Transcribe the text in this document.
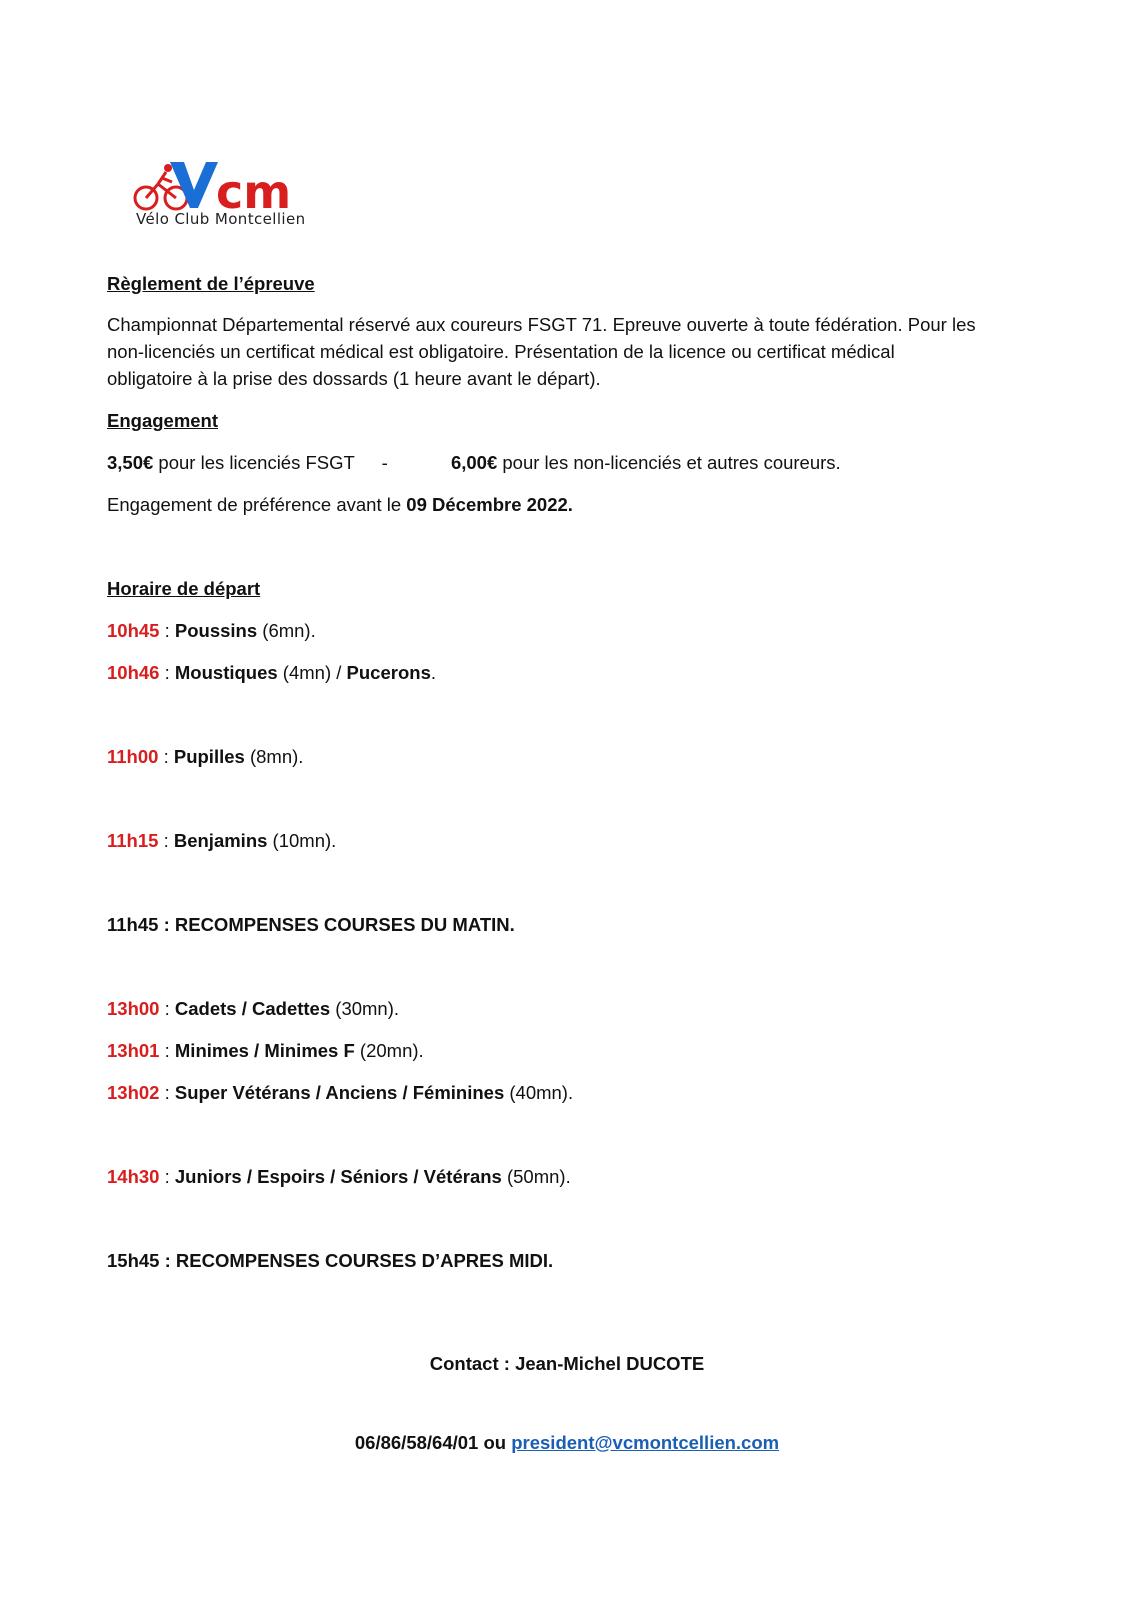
cm
Vélo Club Montcellien

Règlement de l’épreuve

Championnat Départemental réservé aux coureurs FSGT 71. Epreuve ouverte à toute fédération. Pour les

non-licenciés un certificat médical est obligatoire. Présentation de la licence ou certificat médical

obligatoire à la prise des dossards (1 heure avant le départ).

Engagement

3,50€ pour les licenciés FSGT -	6,00€ pour les non-licenciés et autres coureurs.

Engagement de préférence avant le 09 Décembre 2022.

Horaire de départ

10h45 : Poussins (6mn).

10h46 : Moustiques (4mn) / Pucerons.

11h00 : Pupilles (8mn).

11h15 : Benjamins (10mn).

11h45 : RECOMPENSES COURSES DU MATIN.

13h00 : Cadets / Cadettes (30mn).

13h01 : Minimes / Minimes F (20mn).

13h02 : Super Vétérans / Anciens / Féminines (40mn).

14h30 : Juniors / Espoirs / Séniors / Vétérans (50mn).

15h45 : RECOMPENSES COURSES D’APRES MIDI.

Contact : Jean-Michel DUCOTE

06/86/58/64/01 ou president@vcmontcellien.com
